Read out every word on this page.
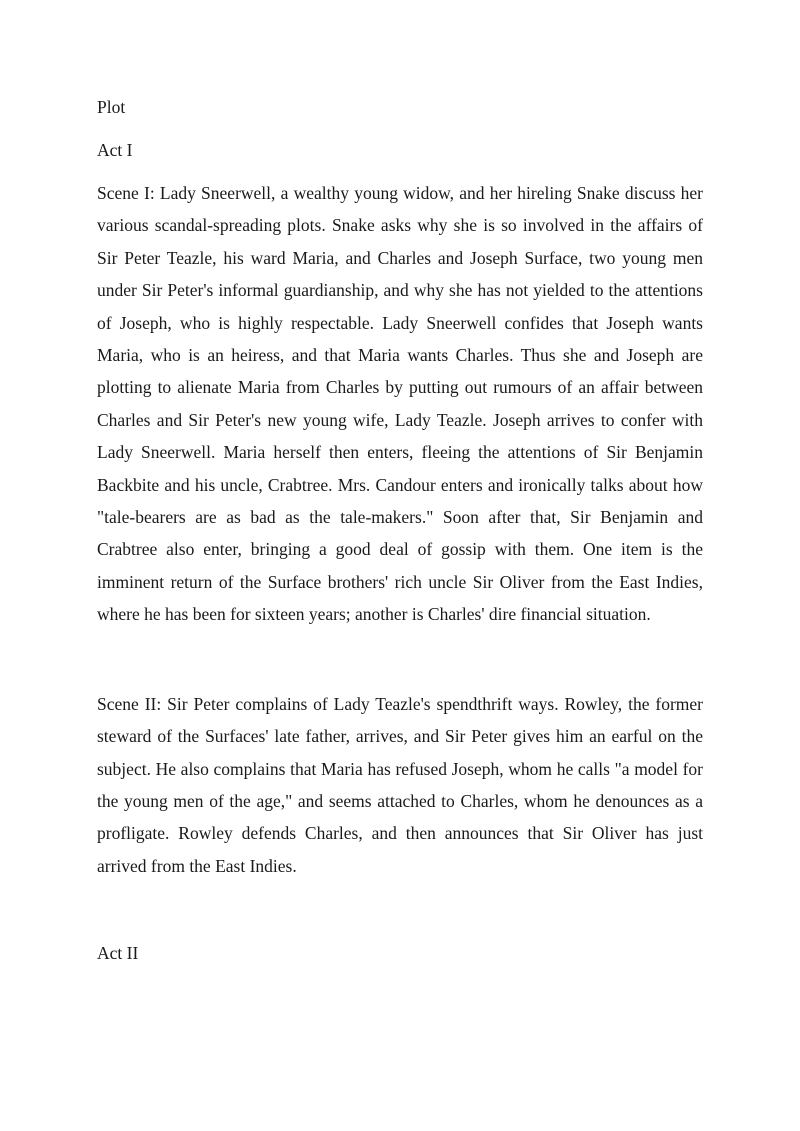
Plot

Act I

Scene I: Lady Sneerwell, a wealthy young widow, and her hireling Snake discuss her various scandal-spreading plots. Snake asks why she is so involved in the affairs of Sir Peter Teazle, his ward Maria, and Charles and Joseph Surface, two young men under Sir Peter's informal guardianship, and why she has not yielded to the attentions of Joseph, who is highly respectable. Lady Sneerwell confides that Joseph wants Maria, who is an heiress, and that Maria wants Charles. Thus she and Joseph are plotting to alienate Maria from Charles by putting out rumours of an affair between Charles and Sir Peter's new young wife, Lady Teazle. Joseph arrives to confer with Lady Sneerwell. Maria herself then enters, fleeing the attentions of Sir Benjamin Backbite and his uncle, Crabtree. Mrs. Candour enters and ironically talks about how "tale-bearers are as bad as the tale-makers." Soon after that, Sir Benjamin and Crabtree also enter, bringing a good deal of gossip with them. One item is the imminent return of the Surface brothers' rich uncle Sir Oliver from the East Indies, where he has been for sixteen years; another is Charles' dire financial situation.

Scene II: Sir Peter complains of Lady Teazle's spendthrift ways. Rowley, the former steward of the Surfaces' late father, arrives, and Sir Peter gives him an earful on the subject. He also complains that Maria has refused Joseph, whom he calls "a model for the young men of the age," and seems attached to Charles, whom he denounces as a profligate. Rowley defends Charles, and then announces that Sir Oliver has just arrived from the East Indies.

Act II
